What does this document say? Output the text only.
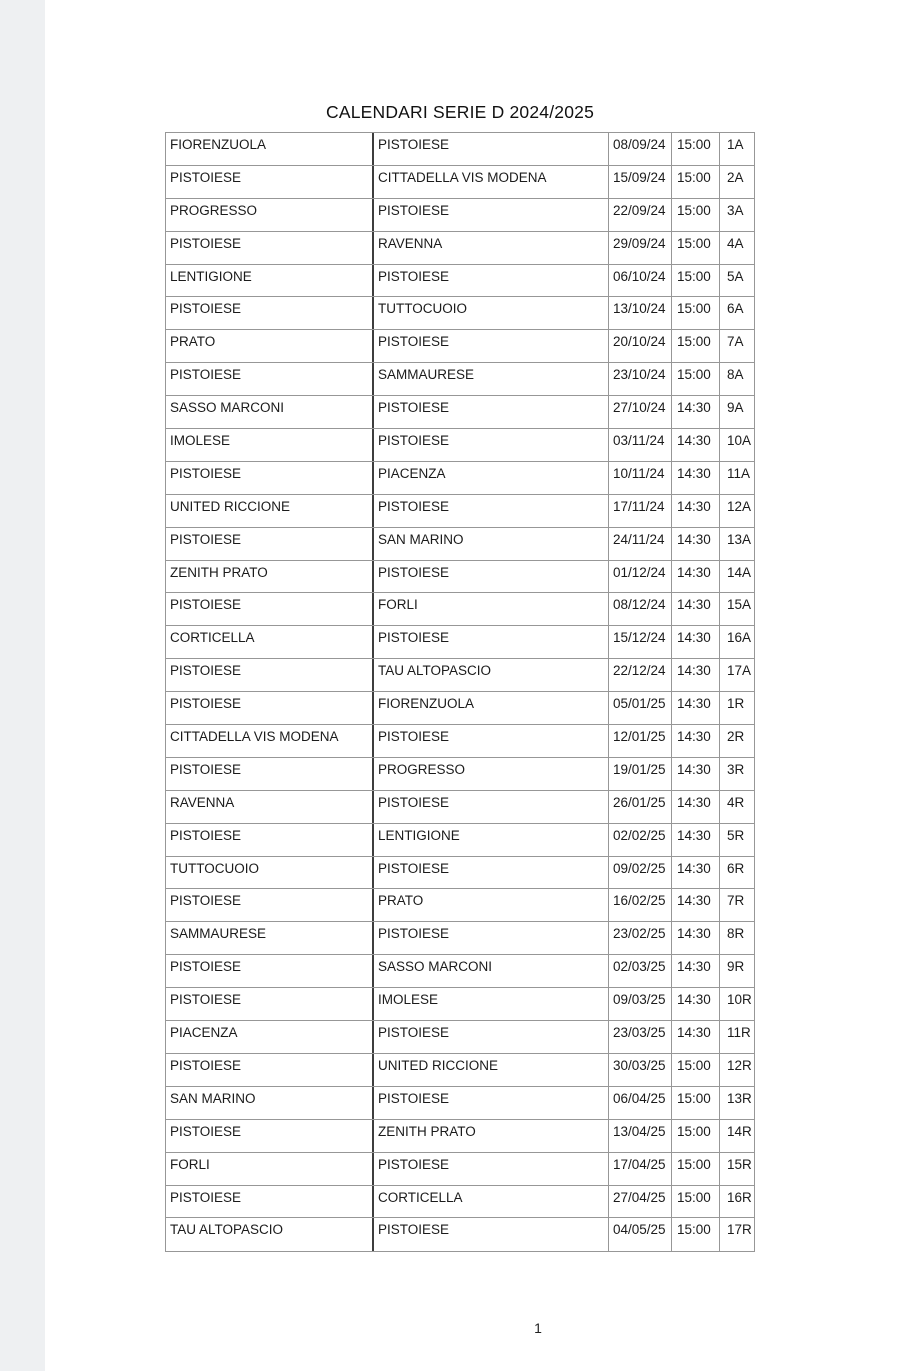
CALENDARI SERIE D 2024/2025
FIORENZUOLA	PISTOIESE	08/09/24 15:00	1A
PISTOIESE	CITTADELLA VIS MODENA	15/09/24 15:00	2A
PROGRESSO	PISTOIESE	22/09/24 15:00	3A
PISTOIESE	RAVENNA	29/09/24 15:00	4A
LENTIGIONE	PISTOIESE	06/10/24 15:00	5A
PISTOIESE	TUTTOCUOIO	13/10/24 15:00	6A
PRATO	PISTOIESE	20/10/24 15:00	7A
PISTOIESE	SAMMAURESE	23/10/24 15:00	8A
SASSO MARCONI	PISTOIESE	27/10/24 14:30	9A
IMOLESE	PISTOIESE	03/11/24 14:30	10A
PISTOIESE	PIACENZA	10/11/24 14:30	11A
UNITED RICCIONE	PISTOIESE	17/11/24 14:30	12A
PISTOIESE	SAN MARINO	24/11/24 14:30	13A
ZENITH PRATO	PISTOIESE	01/12/24 14:30	14A
PISTOIESE	FORLI	08/12/24 14:30	15A
CORTICELLA	PISTOIESE	15/12/24 14:30	16A
PISTOIESE	TAU ALTOPASCIO	22/12/24 14:30	17A
PISTOIESE	FIORENZUOLA	05/01/25 14:30	1R
CITTADELLA VIS MODENA	PISTOIESE	12/01/25 14:30	2R
PISTOIESE	PROGRESSO	19/01/25 14:30	3R
RAVENNA	PISTOIESE	26/01/25 14:30	4R
PISTOIESE	LENTIGIONE	02/02/25 14:30	5R
TUTTOCUOIO	PISTOIESE	09/02/25 14:30	6R
PISTOIESE	PRATO	16/02/25 14:30	7R
SAMMAURESE	PISTOIESE	23/02/25 14:30	8R
PISTOIESE	SASSO MARCONI	02/03/25 14:30	9R
PISTOIESE	IMOLESE	09/03/25 14:30	10R
PIACENZA	PISTOIESE	23/03/25 14:30	11R
PISTOIESE	UNITED RICCIONE	30/03/25 15:00	12R
SAN MARINO	PISTOIESE	06/04/25 15:00	13R
PISTOIESE	ZENITH PRATO	13/04/25 15:00	14R
FORLI	PISTOIESE	17/04/25 15:00	15R
PISTOIESE	CORTICELLA	27/04/25 15:00	16R
TAU ALTOPASCIO	PISTOIESE	04/05/25 15:00	17R
1
